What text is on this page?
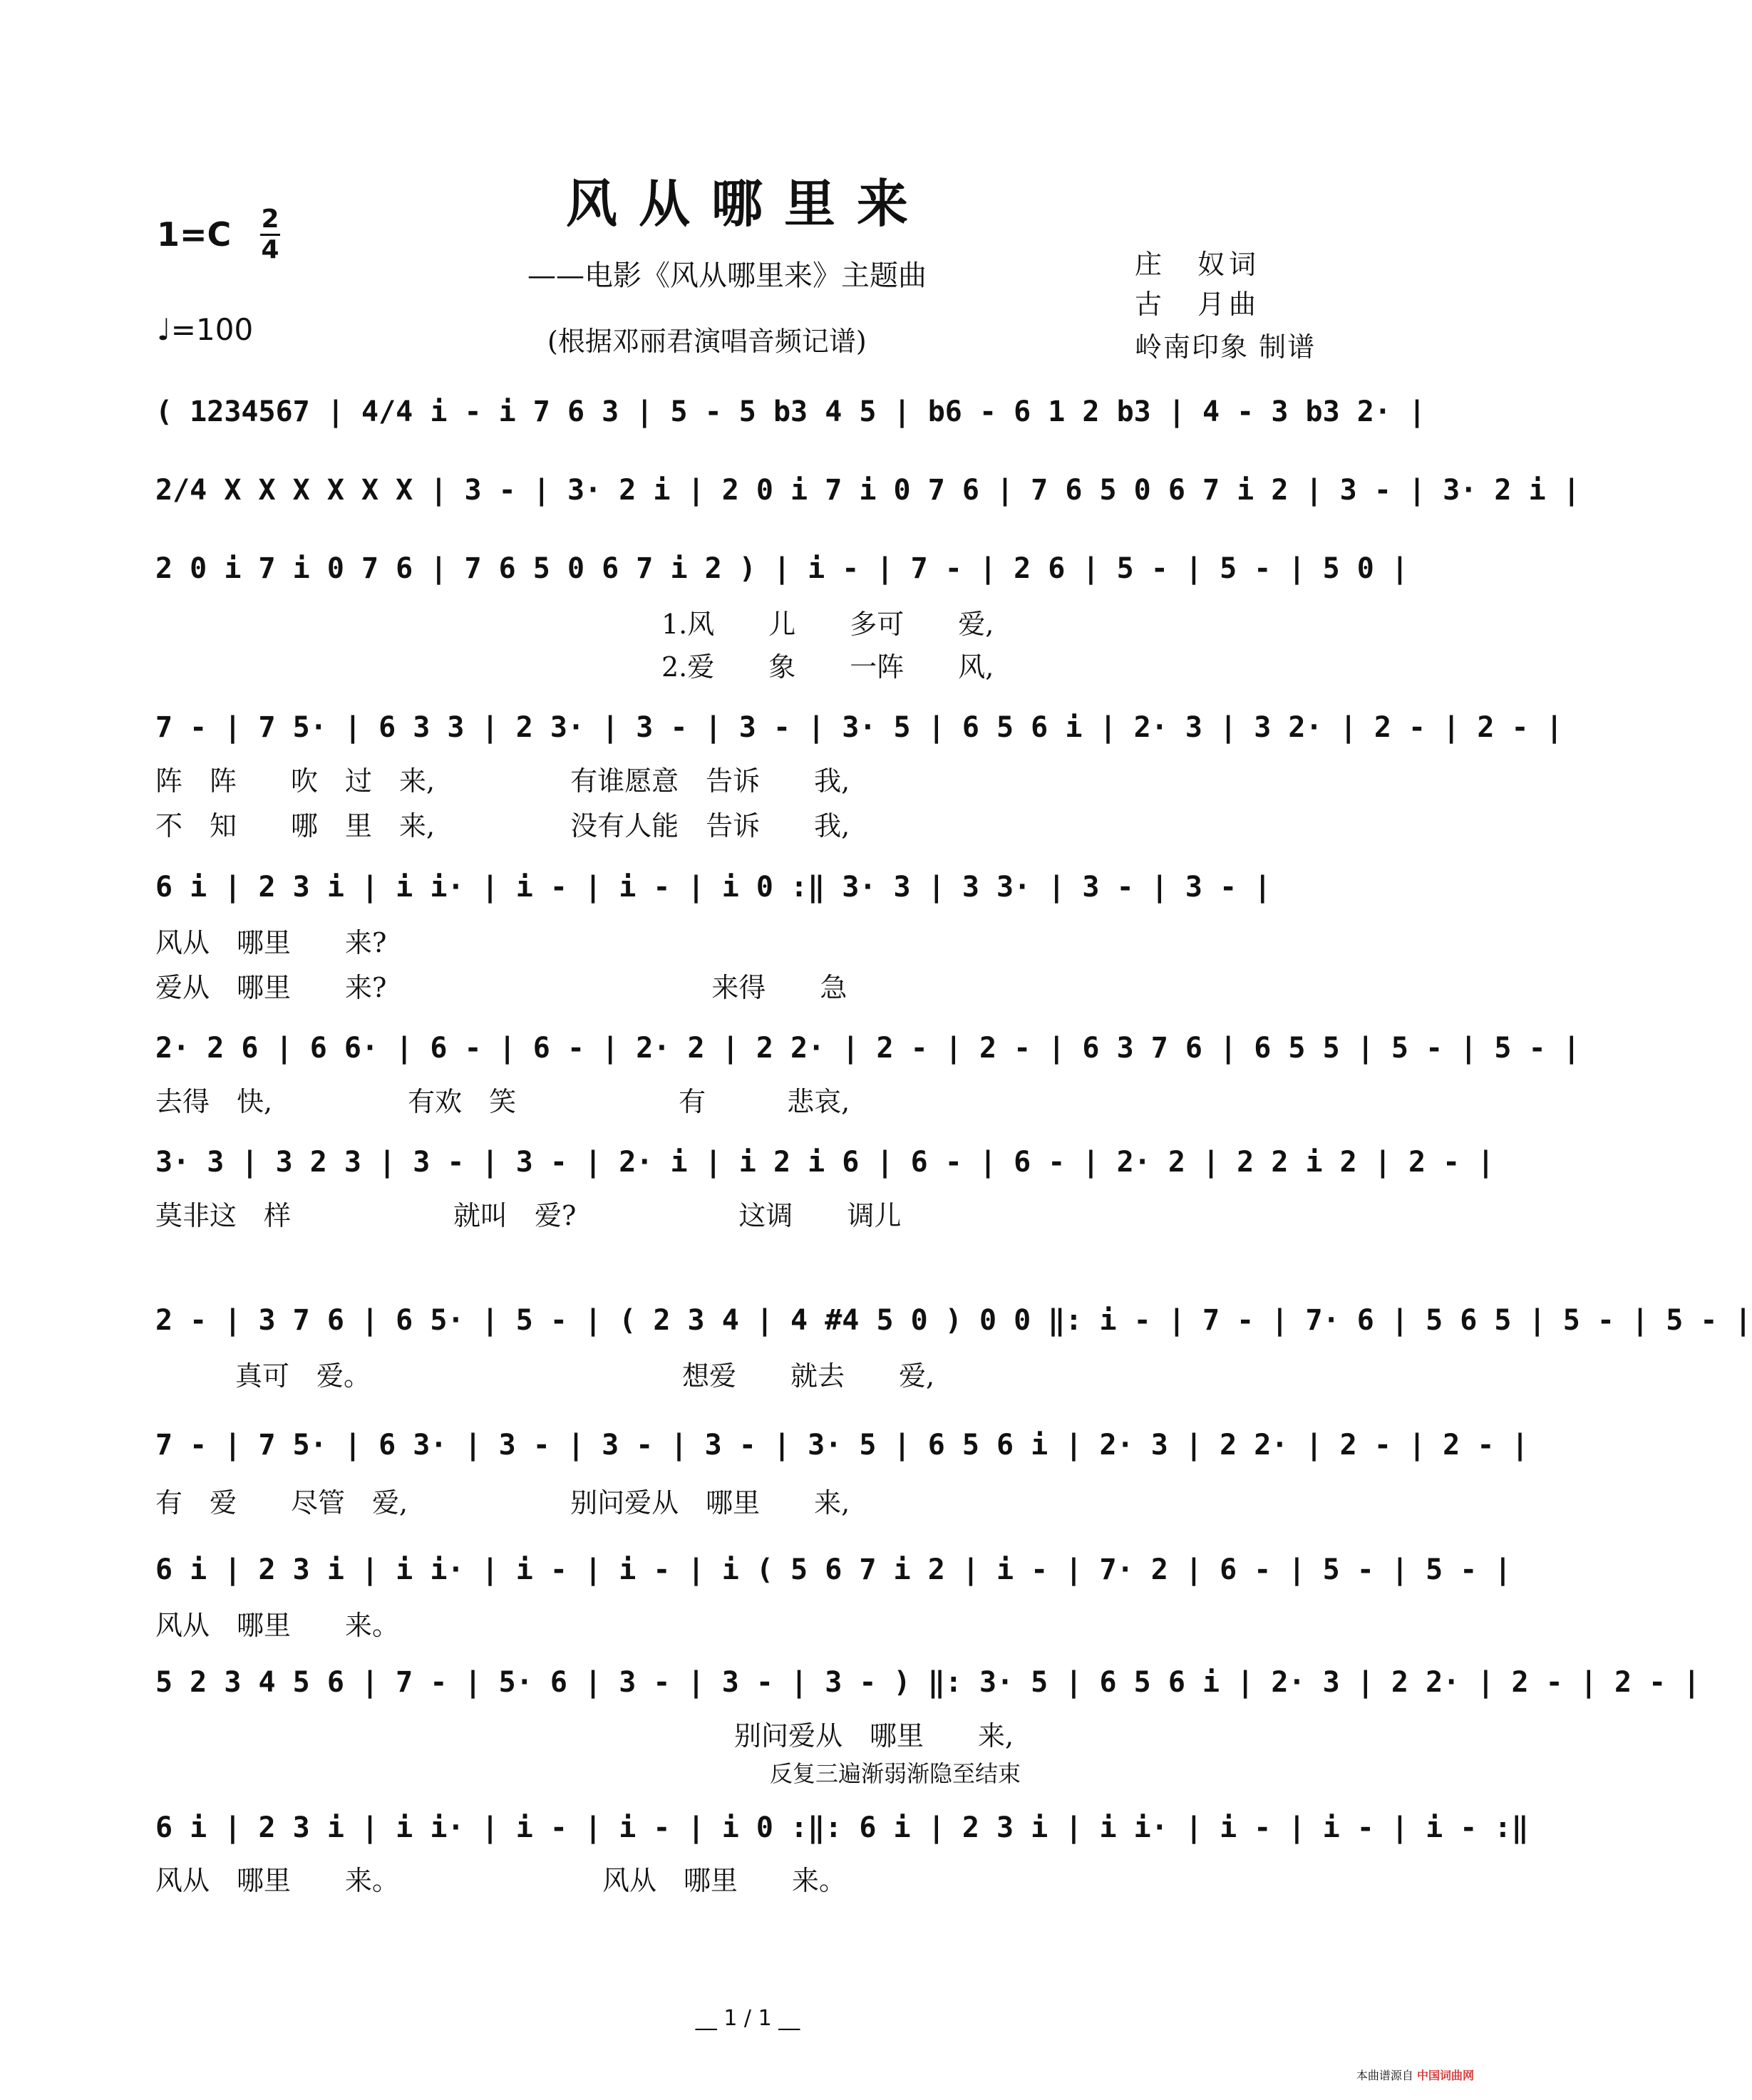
风从哪里来
——电影《风从哪里来》主题曲
(根据邓丽君演唱音频记谱)
1=C 2
4
♩=100
庄　奴词
古　月曲
岭南印象 制谱
( 1234567 | 4/4 i - i 7 6 3 | 5 - 5 b3 4 5 | b6 - 6 1 2 b3 | 4 - 3 b3 2· |
2/4 X X X X X X | 3 - | 3· 2 i | 2 0 i 7 i 0 7 6 | 7 6 5 0 6 7 i 2 | 3 - | 3· 2 i |
2 0 i 7 i 0 7 6 | 7 6 5 0 6 7 i 2 ) | i - | 7 - | 2 6 | 5 - | 5 - | 5 0 |
1.风　　儿　　多可　　爱,
2.爱　　象　　一阵　　风,
7 - | 7 5· | 6 3 3 | 2 3· | 3 - | 3 - | 3· 5 | 6 5 6 i | 2· 3 | 3 2· | 2 - | 2 - |
阵　阵　　吹　过　来,　　　　　有谁愿意　告诉　　我,
不　知　　哪　里　来,　　　　　没有人能　告诉　　我,
6 i | 2 3 i | i i· | i - | i - | i 0 :‖ 3· 3 | 3 3· | 3 - | 3 - |
风从　哪里　　来?
爱从　哪里　　来?　　　　　　　　　　　　来得　　急
2· 2 6 | 6 6· | 6 - | 6 - | 2· 2 | 2 2· | 2 - | 2 - | 6 3 7 6 | 6 5 5 | 5 - | 5 - |
去得　快,　　　　　有欢　笑　　　　　　有　　　悲哀,
3· 3 | 3 2 3 | 3 - | 3 - | 2· i | i 2 i 6 | 6 - | 6 - | 2· 2 | 2 2 i 2 | 2 - |
莫非这　样　　　　　　就叫　爱?　　　　　　这调　　调儿
2 - | 3 7 6 | 6 5· | 5 - | ( 2 3 4 | 4 #4 5 0 ) 0 0 ‖: i - | 7 - | 7· 6 | 5 6 5 | 5 - | 5 - |
真可　爱。　　　　　　　　　　　　想爱　　就去　　爱,
7 - | 7 5· | 6 3· | 3 - | 3 - | 3 - | 3· 5 | 6 5 6 i | 2· 3 | 2 2· | 2 - | 2 - |
有　爱　　尽管　爱,　　　　　　别问爱从　哪里　　来,
6 i | 2 3 i | i i· | i - | i - | i ( 5 6 7 i 2 | i - | 7· 2 | 6 - | 5 - | 5 - |
风从　哪里　　来。
5 2 3 4 5 6 | 7 - | 5· 6 | 3 - | 3 - | 3 - ) ‖: 3· 5 | 6 5 6 i | 2· 3 | 2 2· | 2 - | 2 - |
别问爱从　哪里　　来,
反复三遍渐弱渐隐至结束
6 i | 2 3 i | i i· | i - | i - | i 0 :‖: 6 i | 2 3 i | i i· | i - | i - | i - :‖
风从　哪里　　来。　　　　　　　　风从　哪里　　来。
__ 1 / 1 __
本曲谱源自 中国词曲网
